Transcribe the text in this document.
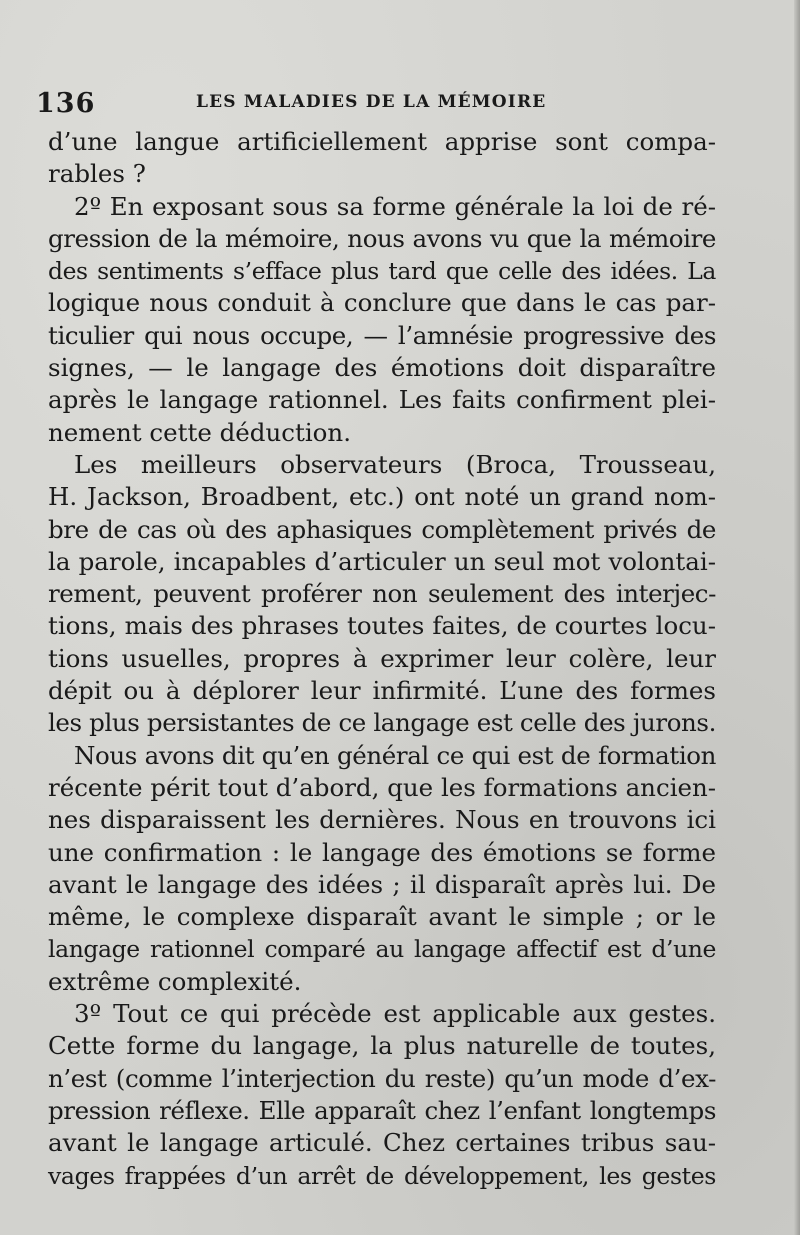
136	LES MALADIES DE LA MÉMOIRE
d’une langue artificiellement apprise sont compa-
rables ?
2º En exposant sous sa forme générale la loi de ré-
gression de la mémoire, nous avons vu que la mémoire
des sentiments s’efface plus tard que celle des idées. La
logique nous conduit à conclure que dans le cas par-
ticulier qui nous occupe, — l’amnésie progressive des
signes, — le langage des émotions doit disparaître
après le langage rationnel. Les faits confirment plei-
nement cette déduction.
Les meilleurs observateurs (Broca, Trousseau,
H. Jackson, Broadbent, etc.) ont noté un grand nom-
bre de cas où des aphasiques complètement privés de
la parole, incapables d’articuler un seul mot volontai-
rement, peuvent proférer non seulement des interjec-
tions, mais des phrases toutes faites, de courtes locu-
tions usuelles, propres à exprimer leur colère, leur
dépit ou à déplorer leur infirmité. L’une des formes
les plus persistantes de ce langage est celle des jurons.
Nous avons dit qu’en général ce qui est de formation
récente périt tout d’abord, que les formations ancien-
nes disparaissent les dernières. Nous en trouvons ici
une confirmation : le langage des émotions se forme
avant le langage des idées ; il disparaît après lui. De
même, le complexe disparaît avant le simple ; or le
langage rationnel comparé au langage affectif est d’une
extrême complexité.
3º Tout ce qui précède est applicable aux gestes.
Cette forme du langage, la plus naturelle de toutes,
n’est (comme l’interjection du reste) qu’un mode d’ex-
pression réflexe. Elle apparaît chez l’enfant longtemps
avant le langage articulé. Chez certaines tribus sau-
vages frappées d’un arrêt de développement, les gestes
